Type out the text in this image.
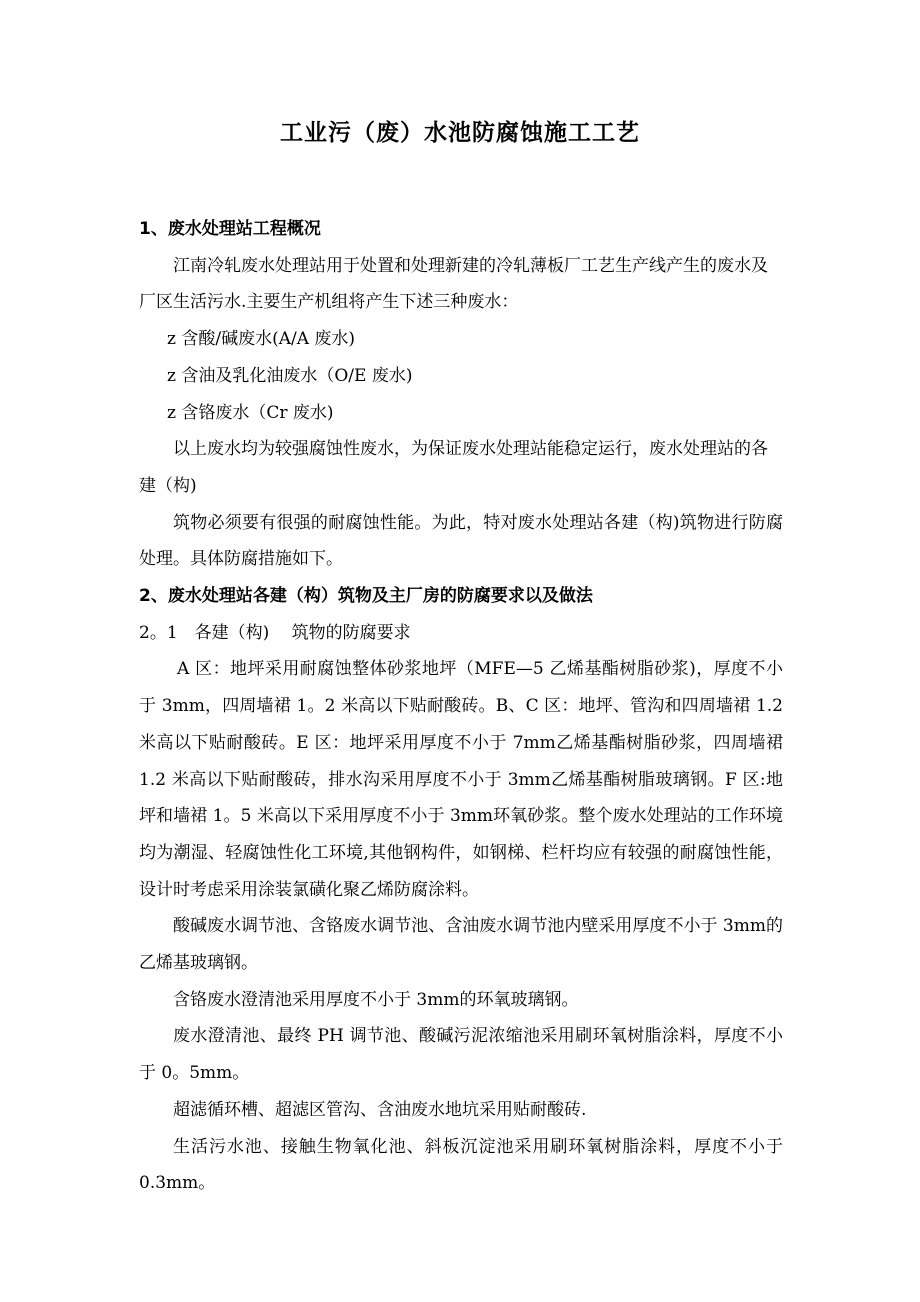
工业污（废）水池防腐蚀施工工艺

1、废水处理站工程概况

江南冷轧废水处理站用于处置和处理新建的冷轧薄板厂工艺生产线产生的废水及厂区生活污水.主要生产机组将产生下述三种废水：

z 含酸/碱废水(A/A 废水)

z 含油及乳化油废水（O/E 废水)

z 含铬废水（Cr 废水)

以上废水均为较强腐蚀性废水，为保证废水处理站能稳定运行，废水处理站的各建（构)

筑物必须要有很强的耐腐蚀性能。为此，特对废水处理站各建（构)筑物进行防腐处理。具体防腐措施如下。

2、废水处理站各建（构）筑物及主厂房的防腐要求以及做法

2。1　各建（构)　 筑物的防腐要求

A 区：地坪采用耐腐蚀整体砂浆地坪（MFE—5 乙烯基酯树脂砂浆)，厚度不小于 3mm，四周墙裙 1。2 米高以下贴耐酸砖。B、C 区：地坪、管沟和四周墙裙 1.2 米高以下贴耐酸砖。E 区：地坪采用厚度不小于 7mm乙烯基酯树脂砂浆，四周墙裙 1.2 米高以下贴耐酸砖，排水沟采用厚度不小于 3mm乙烯基酯树脂玻璃钢。F 区:地坪和墙裙 1。5 米高以下采用厚度不小于 3mm环氧砂浆。整个废水处理站的工作环境均为潮湿、轻腐蚀性化工环境,其他钢构件，如钢梯、栏杆均应有较强的耐腐蚀性能，设计时考虑采用涂装氯磺化聚乙烯防腐涂料。

酸碱废水调节池、含铬废水调节池、含油废水调节池内壁采用厚度不小于 3mm的乙烯基玻璃钢。

含铬废水澄清池采用厚度不小于 3mm的环氧玻璃钢。

废水澄清池、最终 PH 调节池、酸碱污泥浓缩池采用刷环氧树脂涂料，厚度不小于 0。5mm。

超滤循环槽、超滤区管沟、含油废水地坑采用贴耐酸砖.

生活污水池、接触生物氧化池、斜板沉淀池采用刷环氧树脂涂料，厚度不小于 0.3mm。
